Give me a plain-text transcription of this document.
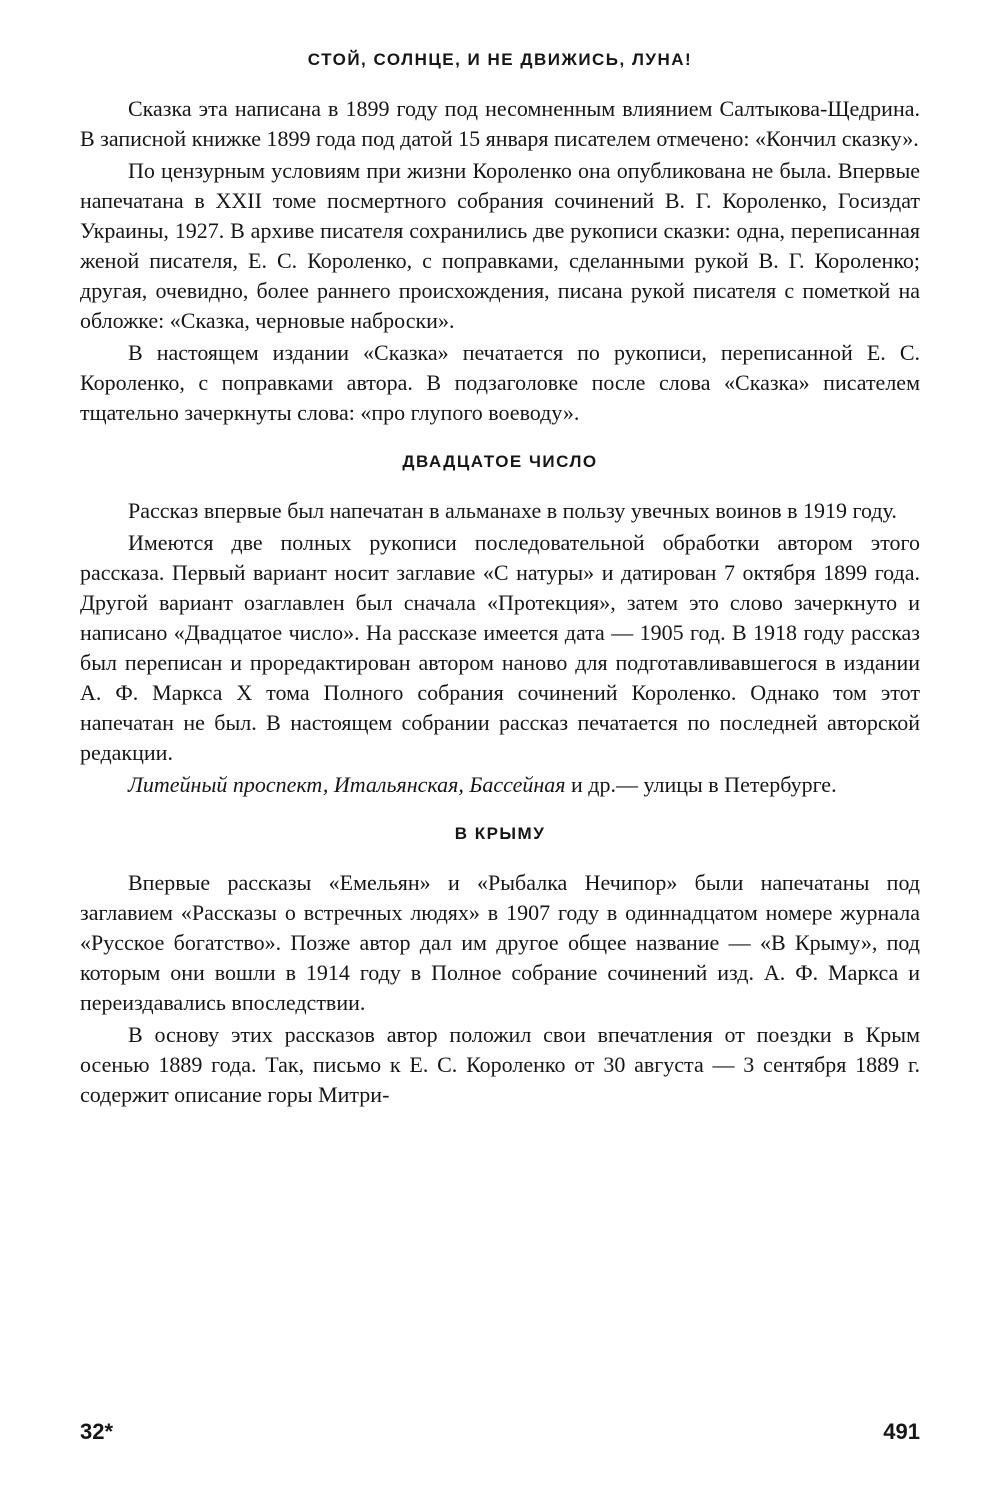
СТОЙ, СОЛНЦЕ, И НЕ ДВИЖИСЬ, ЛУНА!

Сказка эта написана в 1899 году под несомненным влиянием Салтыкова-Щедрина. В записной книжке 1899 года под датой 15 января писателем отмечено: «Кончил сказку».

По цензурным условиям при жизни Короленко она опубликована не была. Впервые напечатана в XXII томе посмертного собрания сочинений В. Г. Короленко, Госиздат Украины, 1927. В архиве писателя сохранились две рукописи сказки: одна, переписанная женой писателя, Е. С. Короленко, с поправками, сделанными рукой В. Г. Короленко; другая, очевидно, более раннего происхождения, писана рукой писателя с пометкой на обложке: «Сказка, черновые наброски».

В настоящем издании «Сказка» печатается по рукописи, переписанной Е. С. Короленко, с поправками автора. В подзаголовке после слова «Сказка» писателем тщательно зачеркнуты слова: «про глупого воеводу».

ДВАДЦАТОЕ ЧИСЛО

Рассказ впервые был напечатан в альманахе в пользу увечных воинов в 1919 году.

Имеются две полных рукописи последовательной обработки автором этого рассказа. Первый вариант носит заглавие «С натуры» и датирован 7 октября 1899 года. Другой вариант озаглавлен был сначала «Протекция», затем это слово зачеркнуто и написано «Двадцатое число». На рассказе имеется дата — 1905 год. В 1918 году рассказ был переписан и проредактирован автором наново для подготавливавшегося в издании А. Ф. Маркса X тома Полного собрания сочинений Короленко. Однако том этот напечатан не был. В настоящем собрании рассказ печатается по последней авторской редакции.

Литейный проспект, Итальянская, Бассейная и др.— улицы в Петербурге.

В КРЫМУ

Впервые рассказы «Емельян» и «Рыбалка Нечипор» были напечатаны под заглавием «Рассказы о встречных людях» в 1907 году в одиннадцатом номере журнала «Русское богатство». Позже автор дал им другое общее название — «В Крыму», под которым они вошли в 1914 году в Полное собрание сочинений изд. А. Ф. Маркса и переиздавались впоследствии.

В основу этих рассказов автор положил свои впечатления от поездки в Крым осенью 1889 года. Так, письмо к Е. С. Короленко от 30 августа — 3 сентября 1889 г. содержит описание горы Митри-

32*	491
